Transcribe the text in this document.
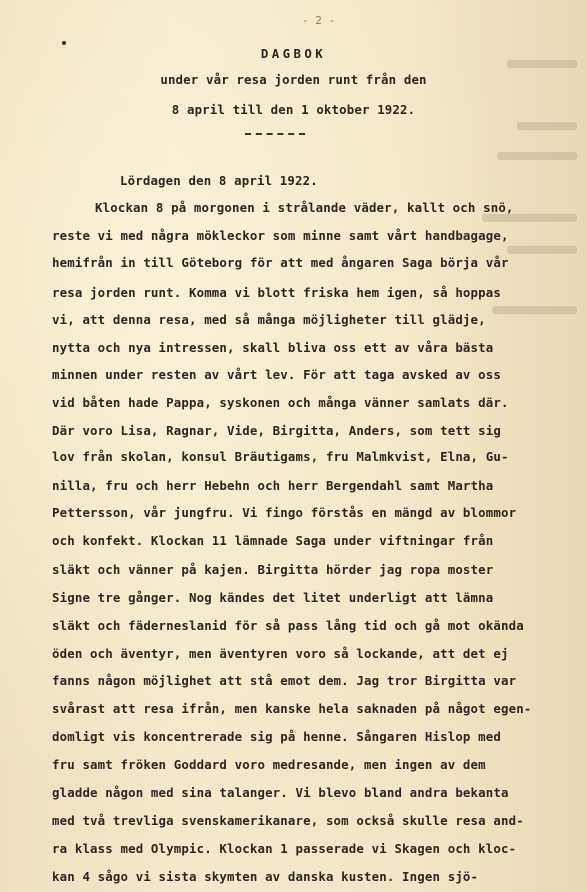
- 2 -
DAGBOK
under vår resa jorden runt från den
8 april till den 1 oktober 1922.
Lördagen den 8 april 1922.
Klockan 8 på morgonen i strålande väder, kallt och snö,
reste vi med några mökleckor som minne samt vårt handbagage,
hemifrån in till Göteborg för att med ångaren Saga börja vår
resa jorden runt. Komma vi blott friska hem igen, så hoppas
vi, att denna resa, med så många möjligheter till glädje,
nytta och nya intressen, skall bliva oss ett av våra bästa
minnen under resten av vårt lev. För att taga avsked av oss
vid båten hade Pappa, syskonen och många vänner samlats där.
Där voro Lisa, Ragnar, Vide, Birgitta, Anders, som tett sig
lov från skolan, konsul Bräutigams, fru Malmkvist, Elna, Gu-
nilla, fru och herr Hebehn och herr Bergendahl samt Martha
Pettersson, vår jungfru. Vi fingo förstås en mängd av blommor
och konfekt. Klockan 11 lämnade Saga under viftningar från
släkt och vänner på kajen. Birgitta hörder jag ropa moster
Signe tre gånger. Nog kändes det litet underligt att lämna
släkt och fäderneslanid för så pass lång tid och gå mot okända
öden och äventyr, men äventyren voro så lockande, att det ej
fanns någon möjlighet att stå emot dem. Jag tror Birgitta var
svårast att resa ifrån, men kanske hela saknaden på något egen-
domligt vis koncentrerade sig på henne. Sångaren Hislop med
fru samt fröken Goddard voro medresande, men ingen av dem
gladde någon med sina talanger. Vi blevo bland andra bekanta
med två trevliga svenskamerikanare, som också skulle resa and-
ra klass med Olympic. Klockan 1 passerade vi Skagen och kloc-
kan 4 sågo vi sista skymten av danska kusten. Ingen sjö-
